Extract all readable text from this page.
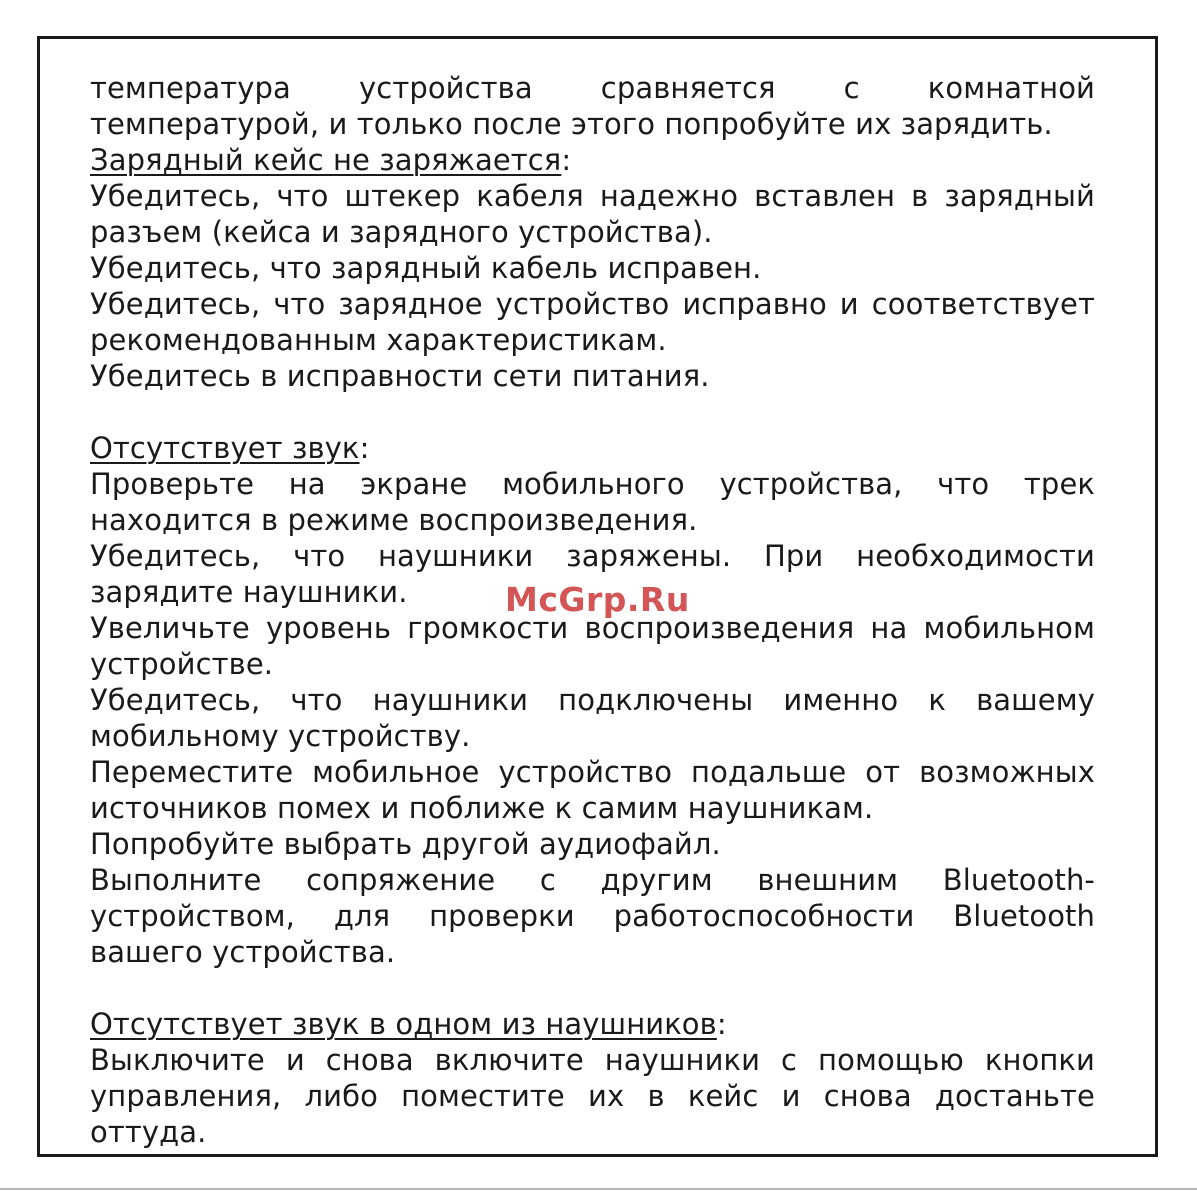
температура устройства сравняется с комнатной температурой, и только после этого попробуйте их зарядить.

Зарядный кейс не заряжается:

Убедитесь, что штекер кабеля надежно вставлен в зарядный разъем (кейса и зарядного устройства).

Убедитесь, что зарядный кабель исправен.

Убедитесь, что зарядное устройство исправно и соответствует рекомендованным характеристикам.

Убедитесь в исправности сети питания.

Отсутствует звук:

Проверьте на экране мобильного устройства, что трек находится в режиме воспроизведения.

Убедитесь, что наушники заряжены. При необходимости зарядите наушники.

Увеличьте уровень громкости воспроизведения на мобильном устройстве.

Убедитесь, что наушники подключены именно к вашему мобильному устройству.

Переместите мобильное устройство подальше от возможных источников помех и поближе к самим наушникам.

Попробуйте выбрать другой аудиофайл.

Выполните сопряжение с другим внешним Bluetooth-устройством, для проверки работоспособности Bluetooth вашего устройства.

Отсутствует звук в одном из наушников:

Выключите и снова включите наушники с помощью кнопки управления, либо поместите их в кейс и снова достаньте оттуда.

McGrp.Ru
